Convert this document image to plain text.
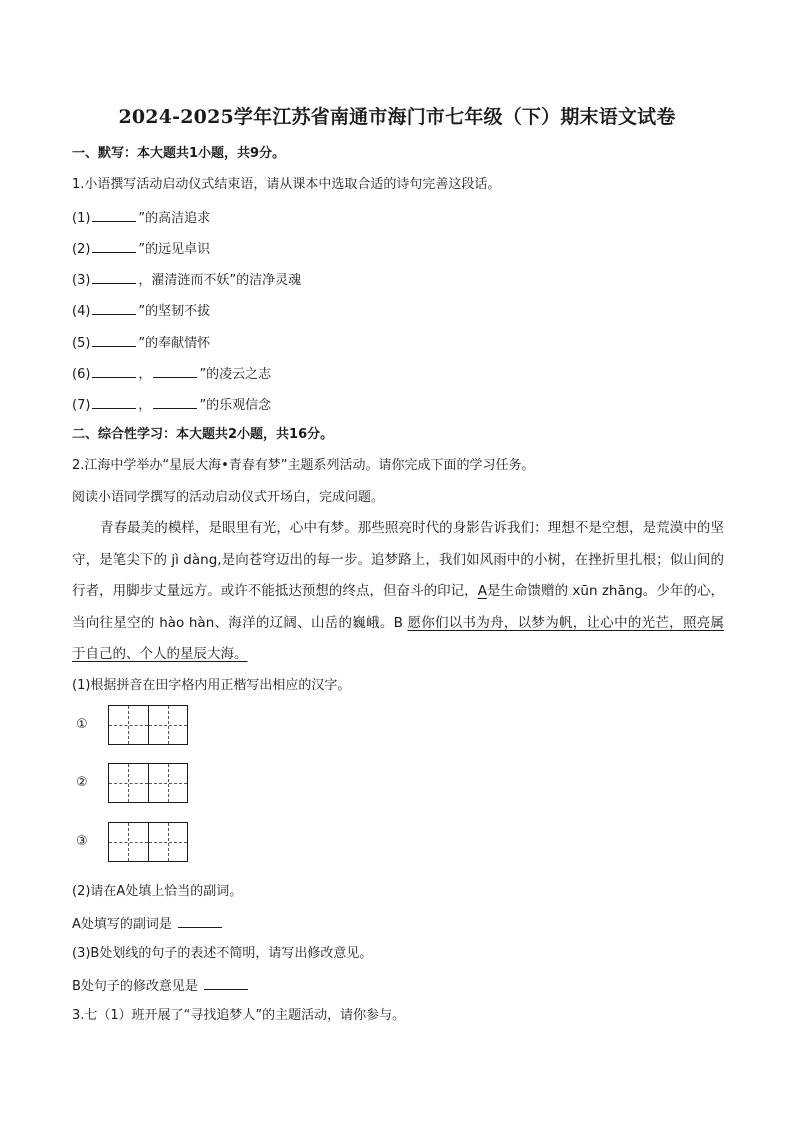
2024-2025学年江苏省南通市海门市七年级（下）期末语文试卷
一、默写：本大题共1小题，共9分。
1.小语撰写活动启动仪式结束语，请从课本中选取合适的诗句完善这段话。
(1)	”的高洁追求
(2)	”的远见卓识
(3)	，濯清涟而不妖”的洁净灵魂
(4)	”的坚韧不拔
(5)	”的奉献情怀
(6)	，	”的凌云之志
(7)	，	”的乐观信念
二、综合性学习：本大题共2小题，共16分。
2.江海中学举办“星辰大海•青春有梦”主题系列活动。请你完成下面的学习任务。
阅读小语同学撰写的活动启动仪式开场白，完成问题。
青春最美的模样，是眼里有光，心中有梦。那些照亮时代的身影告诉我们：理想不是空想，是荒漠中的坚守，是笔尖下的 jì dàng,是向苍穹迈出的每一步。追梦路上，我们如风雨中的小树，在挫折里扎根；似山间的行者，用脚步丈量远方。或许不能抵达预想的终点，但奋斗的印记，A是生命馈赠的 xūn zhāng。少年的心，当向往星空的 hào hàn、海洋的辽阔、山岳的巍峨。B 愿你们以书为舟，以梦为帆，让心中的光芒，照亮属于自己的、个人的星辰大海。
(1)根据拼音在田字格内用正楷写出相应的汉字。
①
②
③
(2)请在A处填上恰当的副词。
A处填写的副词是
(3)B处划线的句子的表述不简明，请写出修改意见。
B处句子的修改意见是
3.七（1）班开展了“寻找追梦人”的主题活动，请你参与。
